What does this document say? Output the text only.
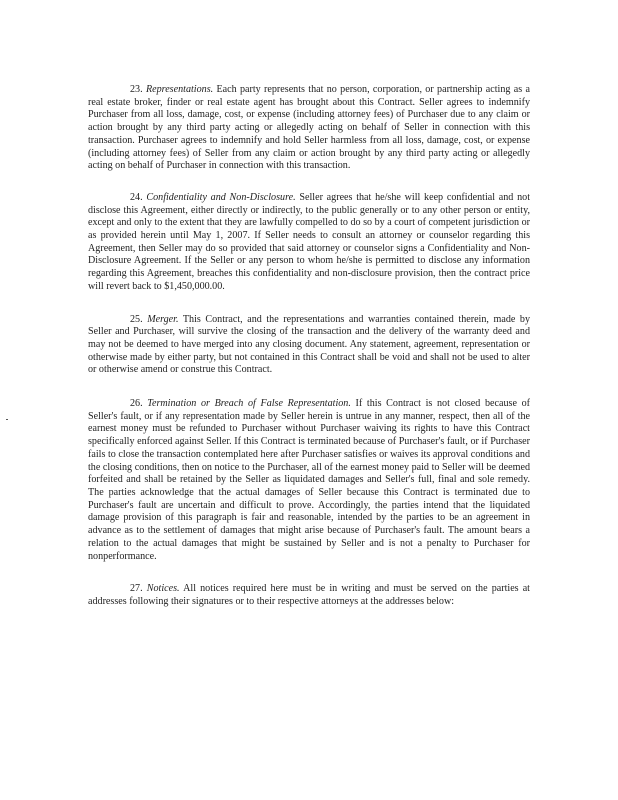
23. Representations. Each party represents that no person, corporation, or partnership acting as a real estate broker, finder or real estate agent has brought about this Contract. Seller agrees to indemnify Purchaser from all loss, damage, cost, or expense (including attorney fees) of Purchaser due to any claim or action brought by any third party acting or allegedly acting on behalf of Seller in connection with this transaction. Purchaser agrees to indemnify and hold Seller harmless from all loss, damage, cost, or expense (including attorney fees) of Seller from any claim or action brought by any third party acting or allegedly acting on behalf of Purchaser in connection with this transaction.

24. Confidentiality and Non-Disclosure. Seller agrees that he/she will keep confidential and not disclose this Agreement, either directly or indirectly, to the public generally or to any other person or entity, except and only to the extent that they are lawfully compelled to do so by a court of competent jurisdiction or as provided herein until May 1, 2007. If Seller needs to consult an attorney or counselor regarding this Agreement, then Seller may do so provided that said attorney or counselor signs a Confidentiality and Non-Disclosure Agreement. If the Seller or any person to whom he/she is permitted to disclose any information regarding this Agreement, breaches this confidentiality and non-disclosure provision, then the contract price will revert back to $1,450,000.00.

25. Merger. This Contract, and the representations and warranties contained therein, made by Seller and Purchaser, will survive the closing of the transaction and the delivery of the warranty deed and may not be deemed to have merged into any closing document. Any statement, agreement, representation or otherwise made by either party, but not contained in this Contract shall be void and shall not be used to alter or otherwise amend or construe this Contract.

26. Termination or Breach of False Representation. If this Contract is not closed because of Seller's fault, or if any representation made by Seller herein is untrue in any manner, respect, then all of the earnest money must be refunded to Purchaser without Purchaser waiving its rights to have this Contract specifically enforced against Seller. If this Contract is terminated because of Purchaser's fault, or if Purchaser fails to close the transaction contemplated here after Purchaser satisfies or waives its approval conditions and the closing conditions, then on notice to the Purchaser, all of the earnest money paid to Seller will be deemed forfeited and shall be retained by the Seller as liquidated damages and Seller's full, final and sole remedy. The parties acknowledge that the actual damages of Seller because this Contract is terminated due to Purchaser's fault are uncertain and difficult to prove. Accordingly, the parties intend that the liquidated damage provision of this paragraph is fair and reasonable, intended by the parties to be an agreement in advance as to the settlement of damages that might arise because of Purchaser's fault. The amount bears a relation to the actual damages that might be sustained by Seller and is not a penalty to Purchaser for nonperformance.

27. Notices. All notices required here must be in writing and must be served on the parties at addresses following their signatures or to their respective attorneys at the addresses below:
